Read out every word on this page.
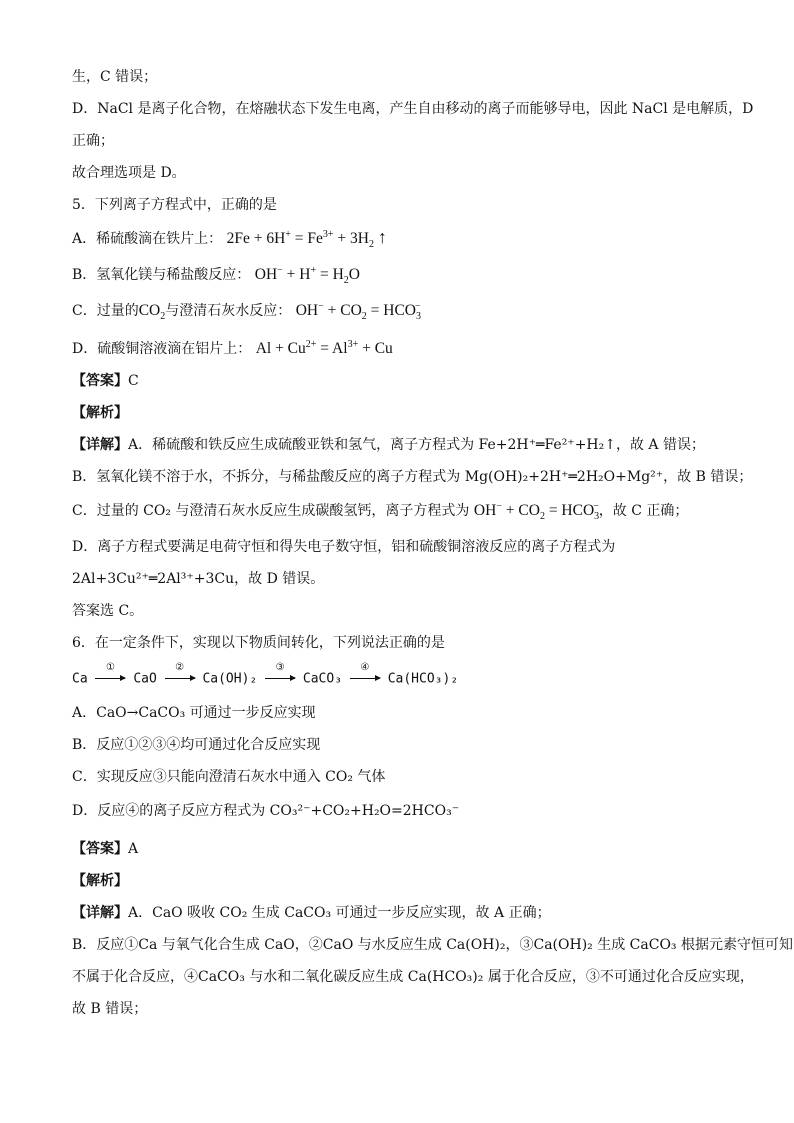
生，C 错误；
D．NaCl 是离子化合物，在熔融状态下发生电离，产生自由移动的离子而能够导电，因此 NaCl 是电解质，D
正确；
故合理选项是 D。
5．下列离子方程式中，正确的是
A．稀硫酸滴在铁片上： $2Fe + 6H^+ = Fe^{3+} + 3H_2$ ↑
B．氢氧化镁与稀盐酸反应： $OH^- + H^+ = H_2O$
C．过量的$CO_2$与澄清石灰水反应： $OH^- + CO_2 = HCO_3^-$
D．硫酸铜溶液滴在铝片上： $Al + Cu^{2+} = Al^{3+} + Cu$
【答案】C
【解析】
【详解】A．稀硫酸和铁反应生成硫酸亚铁和氢气，离子方程式为 Fe+2H⁺═Fe²⁺+H₂↑，故 A 错误；
B．氢氧化镁不溶于水，不拆分，与稀盐酸反应的离子方程式为 Mg(OH)₂+2H⁺═2H₂O+Mg²⁺，故 B 错误；
C．过量的 CO₂ 与澄清石灰水反应生成碳酸氢钙，离子方程式为 $OH^- + CO_2 = HCO_3^-$，故 C 正确；
D．离子方程式要满足电荷守恒和得失电子数守恒，铝和硫酸铜溶液反应的离子方程式为
2Al+3Cu²⁺═2Al³⁺+3Cu，故 D 错误。
答案选 C。
6．在一定条件下，实现以下物质间转化，下列说法正确的是
Ca
①
CaO
②
Ca(OH)₂
③
CaCO₃
④
Ca(HCO₃)₂
A．CaO→CaCO₃ 可通过一步反应实现
B．反应①②③④均可通过化合反应实现
C．实现反应③只能向澄清石灰水中通入 CO₂ 气体
D．反应④的离子反应方程式为 CO₃²⁻+CO₂+H₂O=2HCO₃⁻
【答案】A
【解析】
【详解】A．CaO 吸收 CO₂ 生成 CaCO₃ 可通过一步反应实现，故 A 正确；
B．反应①Ca 与氧气化合生成 CaO，②CaO 与水反应生成 Ca(OH)₂，③Ca(OH)₂ 生成 CaCO₃ 根据元素守恒可知
不属于化合反应，④CaCO₃ 与水和二氧化碳反应生成 Ca(HCO₃)₂ 属于化合反应，③不可通过化合反应实现，
故 B 错误；
